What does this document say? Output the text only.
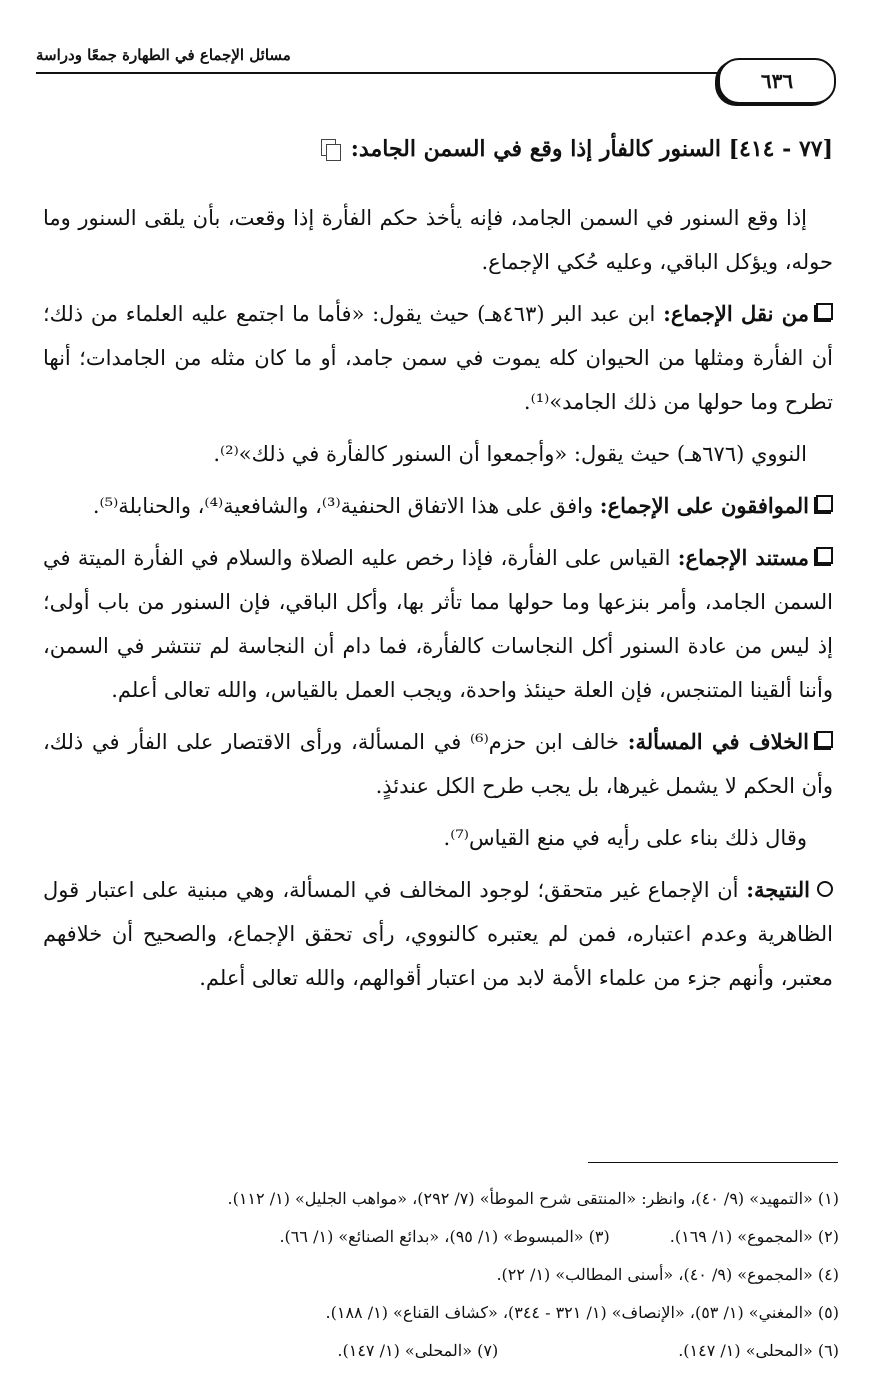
مسائل الإجماع في الطهارة جمعًا ودراسة
٦٣٦
[٧٧ - ٤١٤] السنور كالفأر إذا وقع في السمن الجامد:

إذا وقع السنور في السمن الجامد، فإنه يأخذ حكم الفأرة إذا وقعت، بأن يلقى السنور وما حوله، ويؤكل الباقي، وعليه حُكي الإجماع.

من نقل الإجماع: ابن عبد البر (٤٦٣هـ) حيث يقول: «فأما ما اجتمع عليه العلماء من ذلك؛ أن الفأرة ومثلها من الحيوان كله يموت في سمن جامد، أو ما كان مثله من الجامدات؛ أنها تطرح وما حولها من ذلك الجامد»⁽¹⁾.

النووي (٦٧٦هـ) حيث يقول: «وأجمعوا أن السنور كالفأرة في ذلك»⁽²⁾.

الموافقون على الإجماع: وافق على هذا الاتفاق الحنفية⁽³⁾، والشافعية⁽⁴⁾، والحنابلة⁽⁵⁾.

مستند الإجماع: القياس على الفأرة، فإذا رخص عليه الصلاة والسلام في الفأرة الميتة في السمن الجامد، وأمر بنزعها وما حولها مما تأثر بها، وأكل الباقي، فإن السنور من باب أولى؛ إذ ليس من عادة السنور أكل النجاسات كالفأرة، فما دام أن النجاسة لم تنتشر في السمن، وأننا ألقينا المتنجس، فإن العلة حينئذ واحدة، ويجب العمل بالقياس، والله تعالى أعلم.

الخلاف في المسألة: خالف ابن حزم⁽⁶⁾ في المسألة، ورأى الاقتصار على الفأر في ذلك، وأن الحكم لا يشمل غيرها، بل يجب طرح الكل عندئذٍ.

وقال ذلك بناء على رأيه في منع القياس⁽⁷⁾.

النتيجة: أن الإجماع غير متحقق؛ لوجود المخالف في المسألة، وهي مبنية على اعتبار قول الظاهرية وعدم اعتباره، فمن لم يعتبره كالنووي، رأى تحقق الإجماع، والصحيح أن خلافهم معتبر، وأنهم جزء من علماء الأمة لابد من اعتبار أقوالهم، والله تعالى أعلم.

(١) «التمهيد» (٩/ ٤٠)، وانظر: «المنتقى شرح الموطأ» (٧/ ٢٩٢)، «مواهب الجليل» (١/ ١١٢).
(٢) «المجموع» (١/ ١٦٩).(٣) «المبسوط» (١/ ٩٥)، «بدائع الصنائع» (١/ ٦٦).
(٤) «المجموع» (٩/ ٤٠)، «أسنى المطالب» (١/ ٢٢).
(٥) «المغني» (١/ ٥٣)، «الإنصاف» (١/ ٣٢١ - ٣٤٤)، «كشاف القناع» (١/ ١٨٨).
(٦) «المحلى» (١/ ١٤٧).(٧) «المحلى» (١/ ١٤٧).
